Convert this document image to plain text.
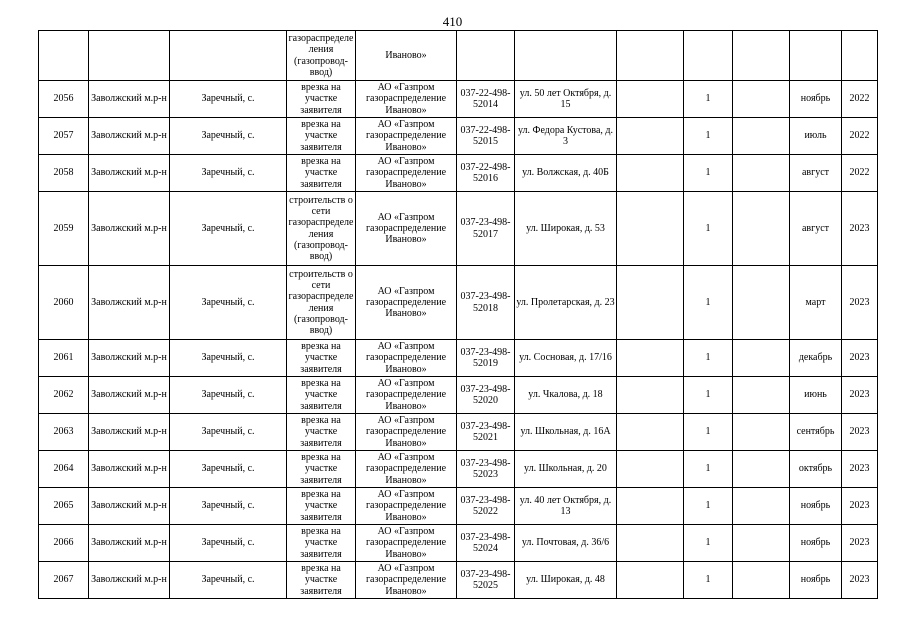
410
			газораспределе ления (газопровод-ввод)	Иваново»							
2056	Заволжский м.р-н	Заречный, с.	врезка на участке заявителя	АО «Газпром газораспределение Иваново»	037-22-498-52014	ул. 50 лет Октября, д. 15		1		ноябрь	2022
2057	Заволжский м.р-н	Заречный, с.	врезка на участке заявителя	АО «Газпром газораспределение Иваново»	037-22-498-52015	ул. Федора Кустова, д. 3		1		июль	2022
2058	Заволжский м.р-н	Заречный, с.	врезка на участке заявителя	АО «Газпром газораспределение Иваново»	037-22-498-52016	ул. Волжская, д. 40Б		1		август	2022
2059	Заволжский м.р-н	Заречный, с.	строительств о сети газораспределе ления (газопровод-ввод)	АО «Газпром газораспределение Иваново»	037-23-498-52017	ул. Широкая, д. 53		1		август	2023
2060	Заволжский м.р-н	Заречный, с.	строительств о сети газораспределе ления (газопровод-ввод)	АО «Газпром газораспределение Иваново»	037-23-498-52018	ул. Пролетарская, д. 23		1		март	2023
2061	Заволжский м.р-н	Заречный, с.	врезка на участке заявителя	АО «Газпром газораспределение Иваново»	037-23-498-52019	ул. Сосновая, д. 17/16		1		декабрь	2023
2062	Заволжский м.р-н	Заречный, с.	врезка на участке заявителя	АО «Газпром газораспределение Иваново»	037-23-498-52020	ул. Чкалова, д. 18		1		июнь	2023
2063	Заволжский м.р-н	Заречный, с.	врезка на участке заявителя	АО «Газпром газораспределение Иваново»	037-23-498-52021	ул. Школьная, д. 16А		1		сентябрь	2023
2064	Заволжский м.р-н	Заречный, с.	врезка на участке заявителя	АО «Газпром газораспределение Иваново»	037-23-498-52023	ул. Школьная, д. 20		1		октябрь	2023
2065	Заволжский м.р-н	Заречный, с.	врезка на участке заявителя	АО «Газпром газораспределение Иваново»	037-23-498-52022	ул. 40 лет Октября, д. 13		1		ноябрь	2023
2066	Заволжский м.р-н	Заречный, с.	врезка на участке заявителя	АО «Газпром газораспределение Иваново»	037-23-498-52024	ул. Почтовая, д. 36/6		1		ноябрь	2023
2067	Заволжский м.р-н	Заречный, с.	врезка на участке заявителя	АО «Газпром газораспределение Иваново»	037-23-498-52025	ул. Широкая, д. 48		1		ноябрь	2023
